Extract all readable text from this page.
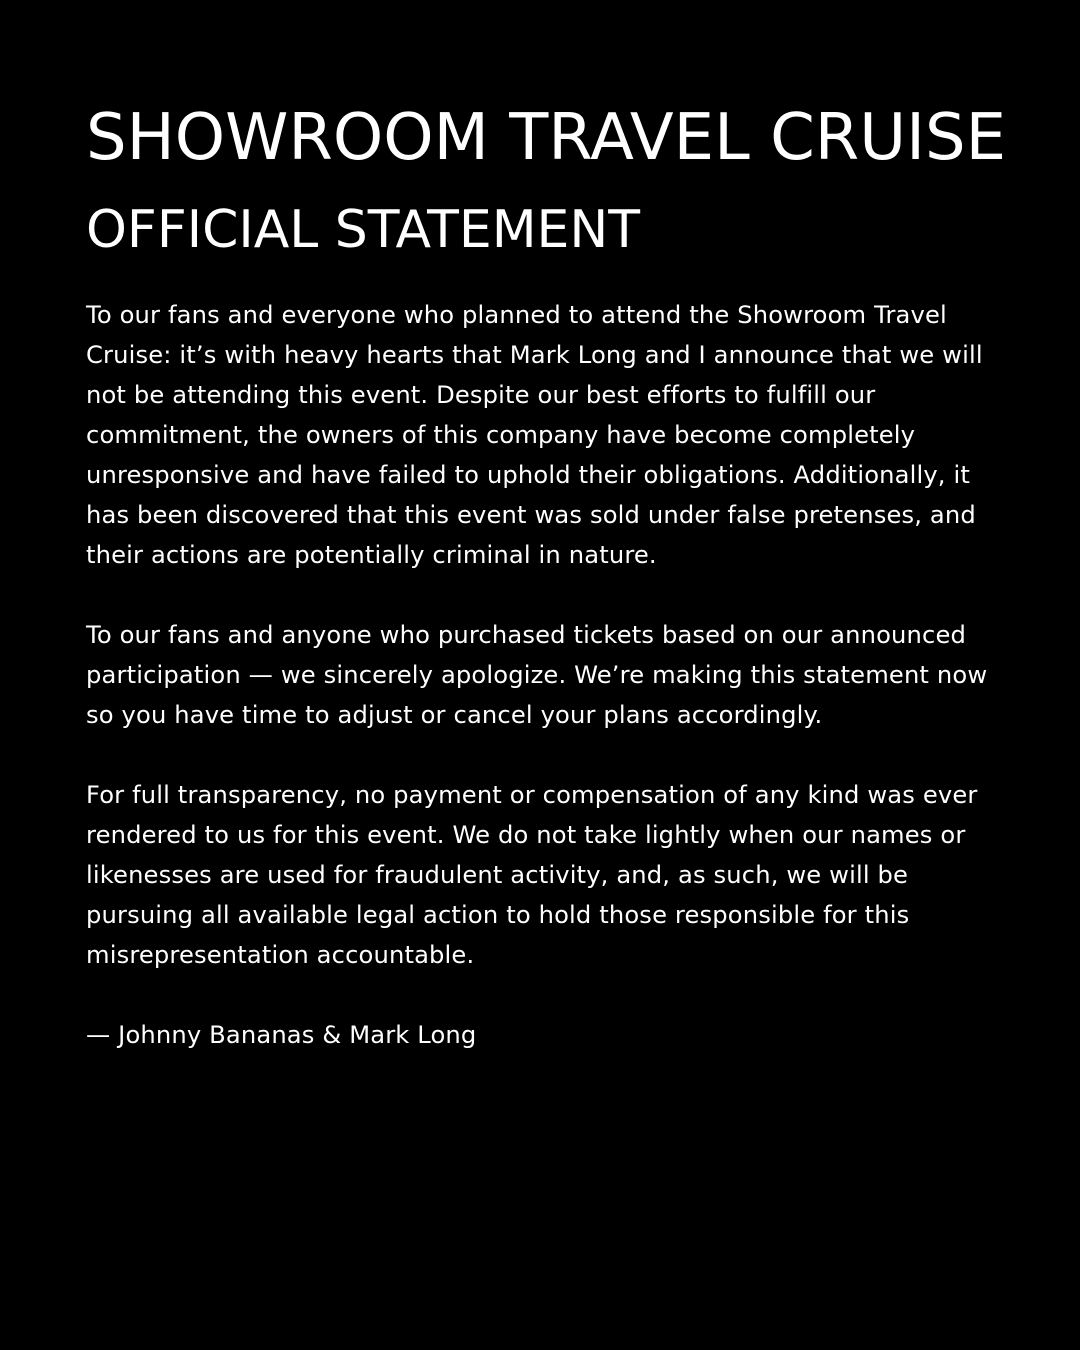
SHOWROOM TRAVEL CRUISE
OFFICIAL STATEMENT

To our fans and everyone who planned to attend the Showroom Travel Cruise: it’s with heavy hearts that Mark Long and I announce that we will not be attending this event. Despite our best efforts to fulfill our commitment, the owners of this company have become completely unresponsive and have failed to uphold their obligations. Additionally, it has been discovered that this event was sold under false pretenses, and their actions are potentially criminal in nature.

To our fans and anyone who purchased tickets based on our announced participation — we sincerely apologize. We’re making this statement now so you have time to adjust or cancel your plans accordingly.

For full transparency, no payment or compensation of any kind was ever rendered to us for this event. We do not take lightly when our names or likenesses are used for fraudulent activity, and, as such, we will be pursuing all available legal action to hold those responsible for this misrepresentation accountable.

— Johnny Bananas & Mark Long
